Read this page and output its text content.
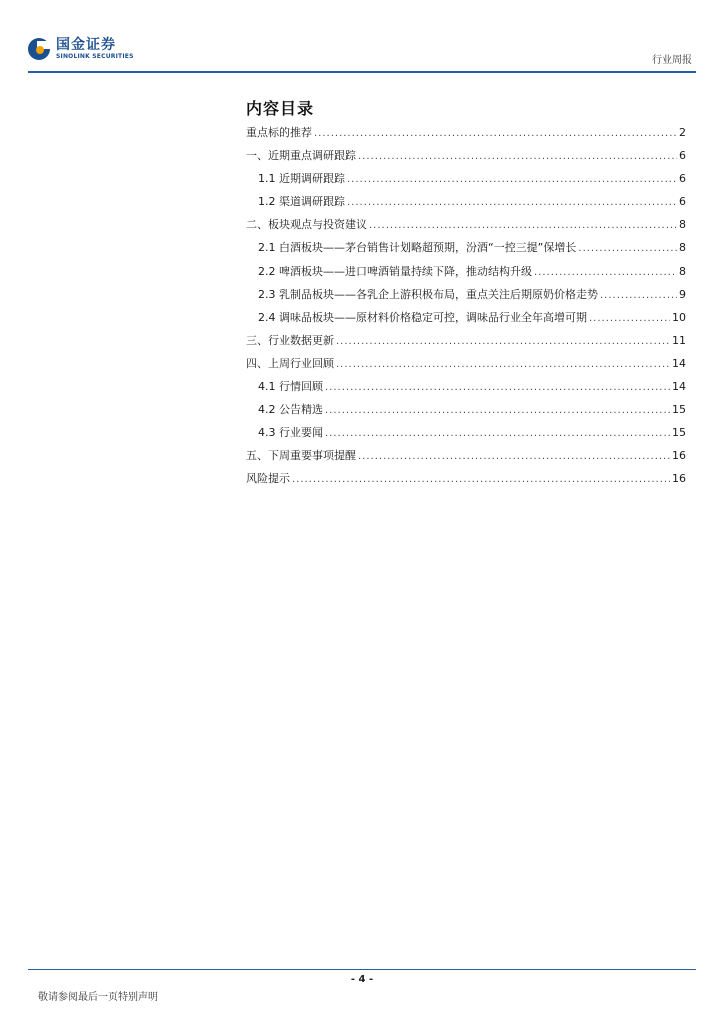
国金证券
SINOLINK SECURITIES	行业周报
内容目录
重点标的推荐 .....	2
一、近期重点调研跟踪 .....	6
1.1 近期调研跟踪 .....	6
1.2 渠道调研跟踪 .....	6
二、板块观点与投资建议 .....	8
2.1 白酒板块——茅台销售计划略超预期，汾酒“一控三提”保增长 .....	8
2.2 啤酒板块——进口啤酒销量持续下降，推动结构升级 .....	8
2.3 乳制品板块——各乳企上游积极布局，重点关注后期原奶价格走势 .....	9
2.4 调味品板块——原材料价格稳定可控，调味品行业全年高增可期 .....	10
三、行业数据更新 .....	11
四、上周行业回顾 .....	14
4.1 行情回顾 .....	14
4.2 公告精选 .....	15
4.3 行业要闻 .....	15
五、下周重要事项提醒 .....	16
风险提示 .....	16
- 4 -
敬请参阅最后一页特别声明
